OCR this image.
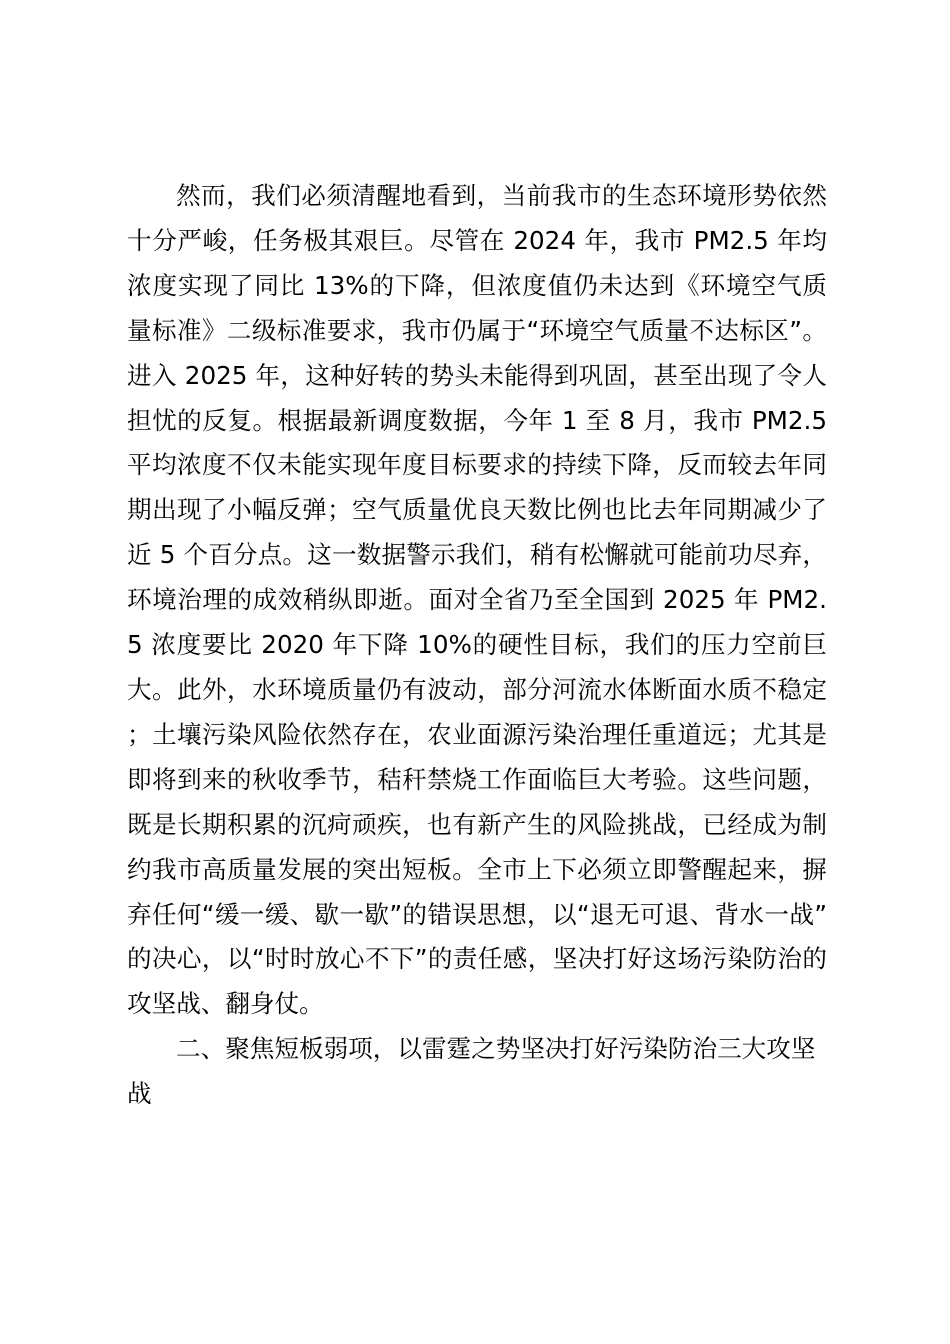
然而，我们必须清醒地看到，当前我市的生态环境形势依然十分严峻，任务极其艰巨。尽管在 2024 年，我市 PM2.5 年均浓度实现了同比 13%的下降，但浓度值仍未达到《环境空气质量标准》二级标准要求，我市仍属于“环境空气质量不达标区”。进入 2025 年，这种好转的势头未能得到巩固，甚至出现了令人担忧的反复。根据最新调度数据，今年 1 至 8 月，我市 PM2.5 平均浓度不仅未能实现年度目标要求的持续下降，反而较去年同期出现了小幅反弹；空气质量优良天数比例也比去年同期减少了近 5 个百分点。这一数据警示我们，稍有松懈就可能前功尽弃，环境治理的成效稍纵即逝。面对全省乃至全国到 2025 年 PM2.5 浓度要比 2020 年下降 10%的硬性目标，我们的压力空前巨大。此外，水环境质量仍有波动，部分河流水体断面水质不稳定；土壤污染风险依然存在，农业面源污染治理任重道远；尤其是即将到来的秋收季节，秸秆禁烧工作面临巨大考验。这些问题，既是长期积累的沉疴顽疾，也有新产生的风险挑战，已经成为制约我市高质量发展的突出短板。全市上下必须立即警醒起来，摒弃任何“缓一缓、歇一歇”的错误思想，以“退无可退、背水一战”的决心，以“时时放心不下”的责任感，坚决打好这场污染防治的攻坚战、翻身仗。

二、聚焦短板弱项，以雷霆之势坚决打好污染防治三大攻坚战
